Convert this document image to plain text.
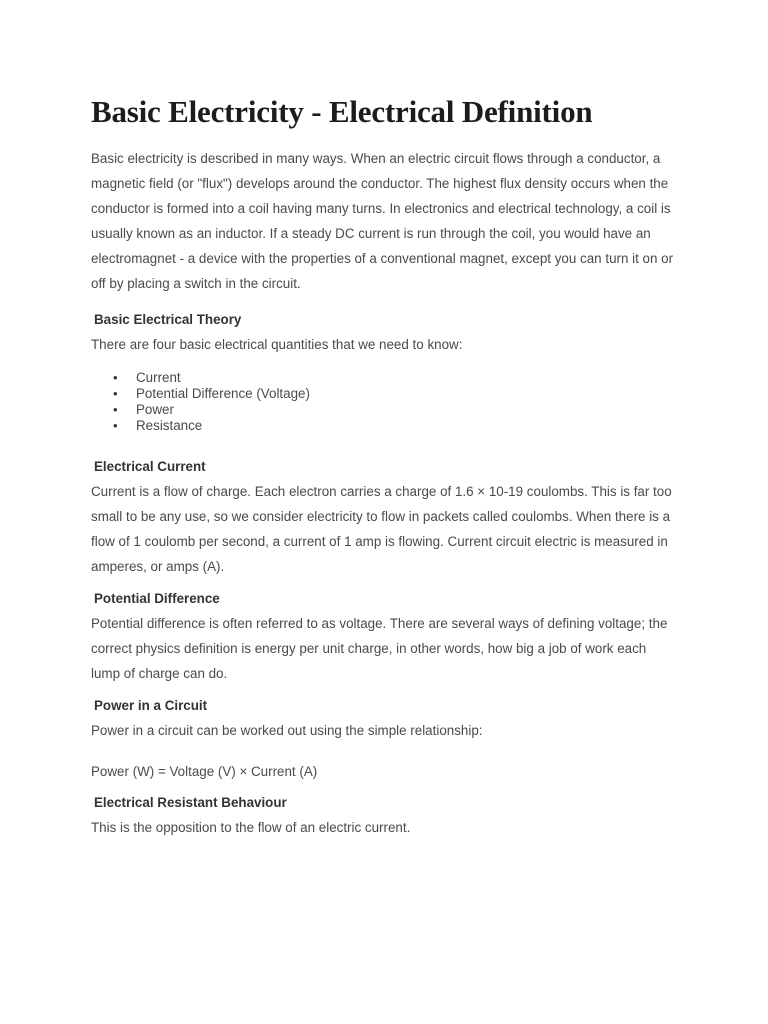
Basic Electricity - Electrical Definition

Basic electricity is described in many ways. When an electric circuit flows through a conductor, a magnetic field (or "flux") develops around the conductor. The highest flux density occurs when the conductor is formed into a coil having many turns. In electronics and electrical technology, a coil is usually known as an inductor. If a steady DC current is run through the coil, you would have an electromagnet - a device with the properties of a conventional magnet, except you can turn it on or off by placing a switch in the circuit.

Basic Electrical Theory

There are four basic electrical quantities that we need to know:

• Current
• Potential Difference (Voltage)
• Power
• Resistance
Electrical Current

Current is a flow of charge. Each electron carries a charge of 1.6 × 10-19 coulombs. This is far too small to be any use, so we consider electricity to flow in packets called coulombs. When there is a flow of 1 coulomb per second, a current of 1 amp is flowing. Current circuit electric is measured in amperes, or amps (A).

Potential Difference

Potential difference is often referred to as voltage. There are several ways of defining voltage; the correct physics definition is energy per unit charge, in other words, how big a job of work each lump of charge can do.

Power in a Circuit

Power in a circuit can be worked out using the simple relationship:

Power (W) = Voltage (V) × Current (A)

Electrical Resistant Behaviour

This is the opposition to the flow of an electric current.
